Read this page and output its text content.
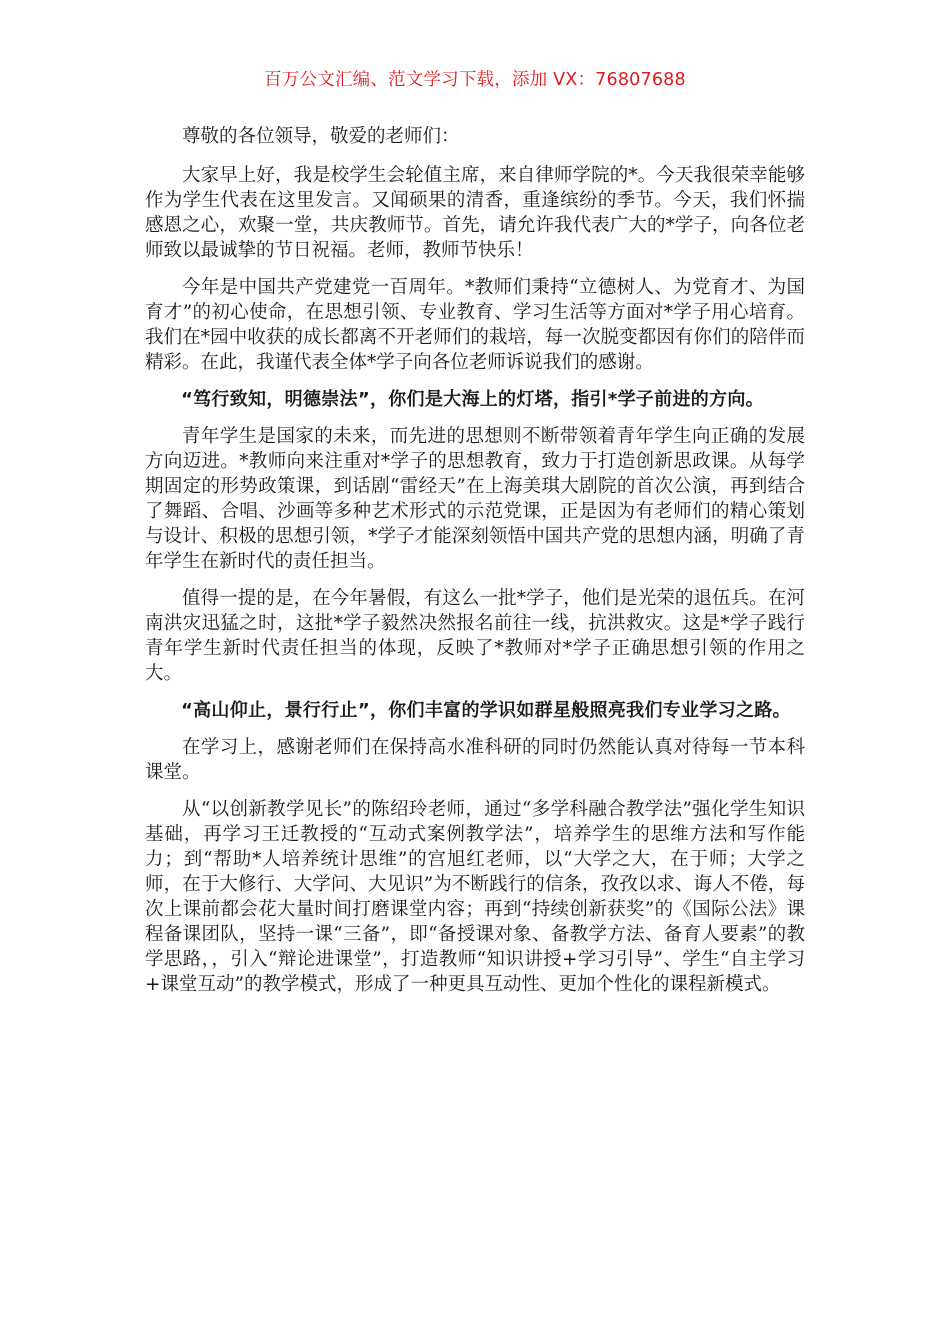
百万公文汇编、范文学习下载，添加 VX：76807688

尊敬的各位领导，敬爱的老师们：

大家早上好，我是校学生会轮值主席，来自律师学院的*。今天我很荣幸能够作为学生代表在这里发言。又闻硕果的清香，重逢缤纷的季节。今天，我们怀揣感恩之心，欢聚一堂，共庆教师节。首先，请允许我代表广大的*学子，向各位老师致以最诚挚的节日祝福。老师，教师节快乐！

今年是中国共产党建党一百周年。*教师们秉持“立德树人、为党育才、为国育才”的初心使命，在思想引领、专业教育、学习生活等方面对*学子用心培育。我们在*园中收获的成长都离不开老师们的栽培，每一次脱变都因有你们的陪伴而精彩。在此，我谨代表全体*学子向各位老师诉说我们的感谢。

“笃行致知，明德崇法”，你们是大海上的灯塔，指引*学子前进的方向。

青年学生是国家的未来，而先进的思想则不断带领着青年学生向正确的发展方向迈进。*教师向来注重对*学子的思想教育，致力于打造创新思政课。从每学期固定的形势政策课，到话剧“雷经天”在上海美琪大剧院的首次公演，再到结合了舞蹈、合唱、沙画等多种艺术形式的示范党课，正是因为有老师们的精心策划与设计、积极的思想引领，*学子才能深刻领悟中国共产党的思想内涵，明确了青年学生在新时代的责任担当。

值得一提的是，在今年暑假，有这么一批*学子，他们是光荣的退伍兵。在河南洪灾迅猛之时，这批*学子毅然决然报名前往一线，抗洪救灾。这是*学子践行青年学生新时代责任担当的体现，反映了*教师对*学子正确思想引领的作用之大。

“高山仰止，景行行止”，你们丰富的学识如群星般照亮我们专业学习之路。

在学习上，感谢老师们在保持高水准科研的同时仍然能认真对待每一节本科课堂。

从“以创新教学见长”的陈绍玲老师，通过“多学科融合教学法”强化学生知识基础，再学习王迁教授的“互动式案例教学法”，培养学生的思维方法和写作能力；到“帮助*人培养统计思维”的宫旭红老师，以“大学之大，在于师；大学之师，在于大修行、大学问、大见识”为不断践行的信条，孜孜以求、诲人不倦，每次上课前都会花大量时间打磨课堂内容；再到“持续创新获奖”的《国际公法》课程备课团队，坚持一课“三备”，即“备授课对象、备教学方法、备育人要素”的教学思路，，引入“辩论进课堂”，打造教师“知识讲授+学习引导”、学生“自主学习+课堂互动”的教学模式，形成了一种更具互动性、更加个性化的课程新模式。
